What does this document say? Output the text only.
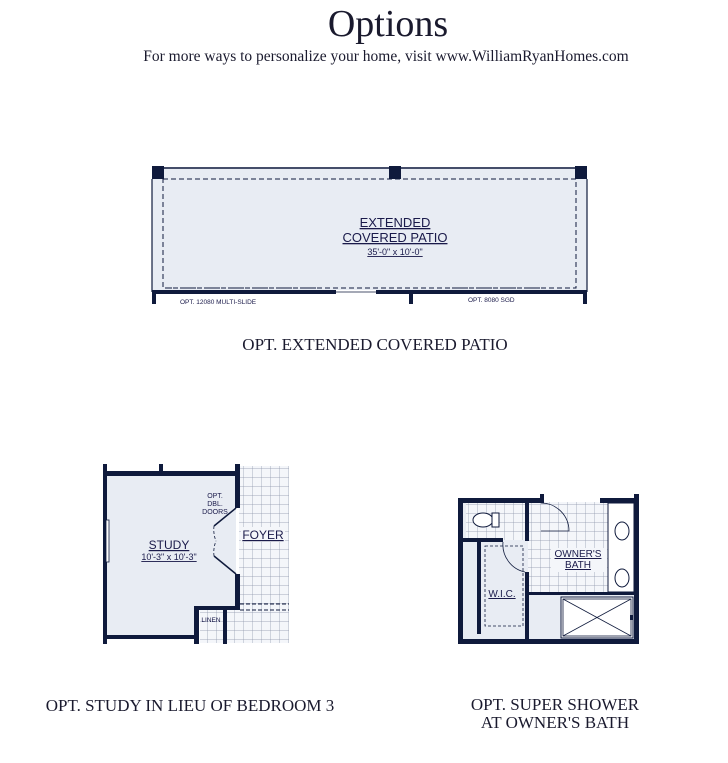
Options
For more ways to personalize your home, visit www.WilliamRyanHomes.com
EXTENDED
COVERED PATIO
35'-0" x 10'-0"
OPT. 12080 MULTI-SLIDE	OPT. 8080 SGD
OPT.
DBL.
DOORS
STUDY
10'-3" x 10'-3"
FOYER
LINEN
OWNER'S
BATH
W.I.C.
OPT. EXTENDED COVERED PATIO
OPT. STUDY IN LIEU OF BEDROOM 3	OPT. SUPER SHOWER
AT OWNER'S BATH
